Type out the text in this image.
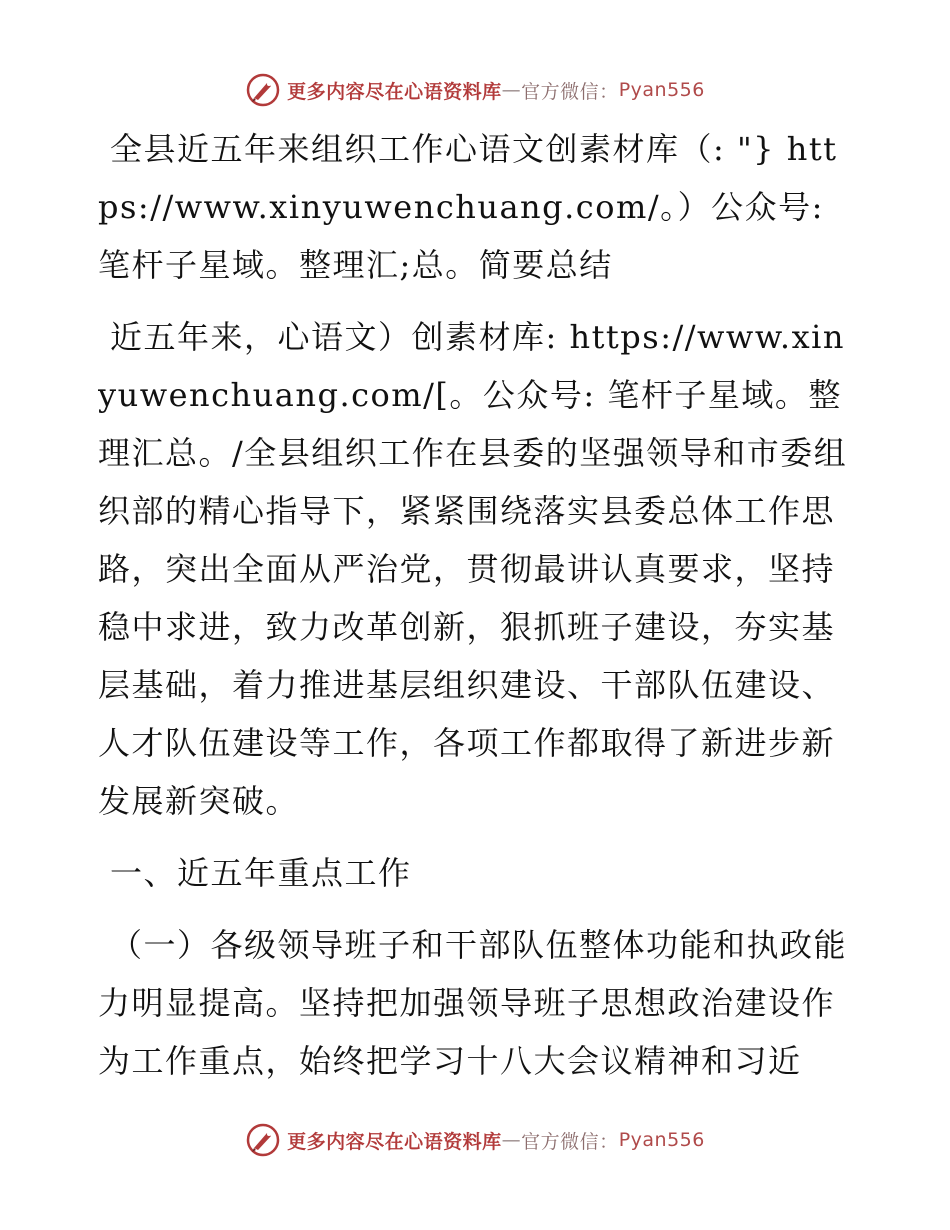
更多内容尽在心语资料库 — 官方微信： Pyan556

全县近五年来组织工作心语文创素材库（: "} https://www.xinyuwenchuang.com/。）公众号: 笔杆子星域。整理汇;总。简要总结

近五年来，心语文）创素材库: https://www.xinyuwenchuang.com/[。公众号: 笔杆子星域。整理汇总。/全县组织工作在县委的坚强领导和市委组织部的精心指导下，紧紧围绕落实县委总体工作思路，突出全面从严治党，贯彻最讲认真要求，坚持稳中求进，致力改革创新，狠抓班子建设，夯实基层基础，着力推进基层组织建设、干部队伍建设、人才队伍建设等工作，各项工作都取得了新进步新发展新突破。

一、近五年重点工作

（一）各级领导班子和干部队伍整体功能和执政能力明显提高。坚持把加强领导班子思想政治建设作为工作重点，始终把学习十八大会议精神和习近

更多内容尽在心语资料库 — 官方微信： Pyan556
